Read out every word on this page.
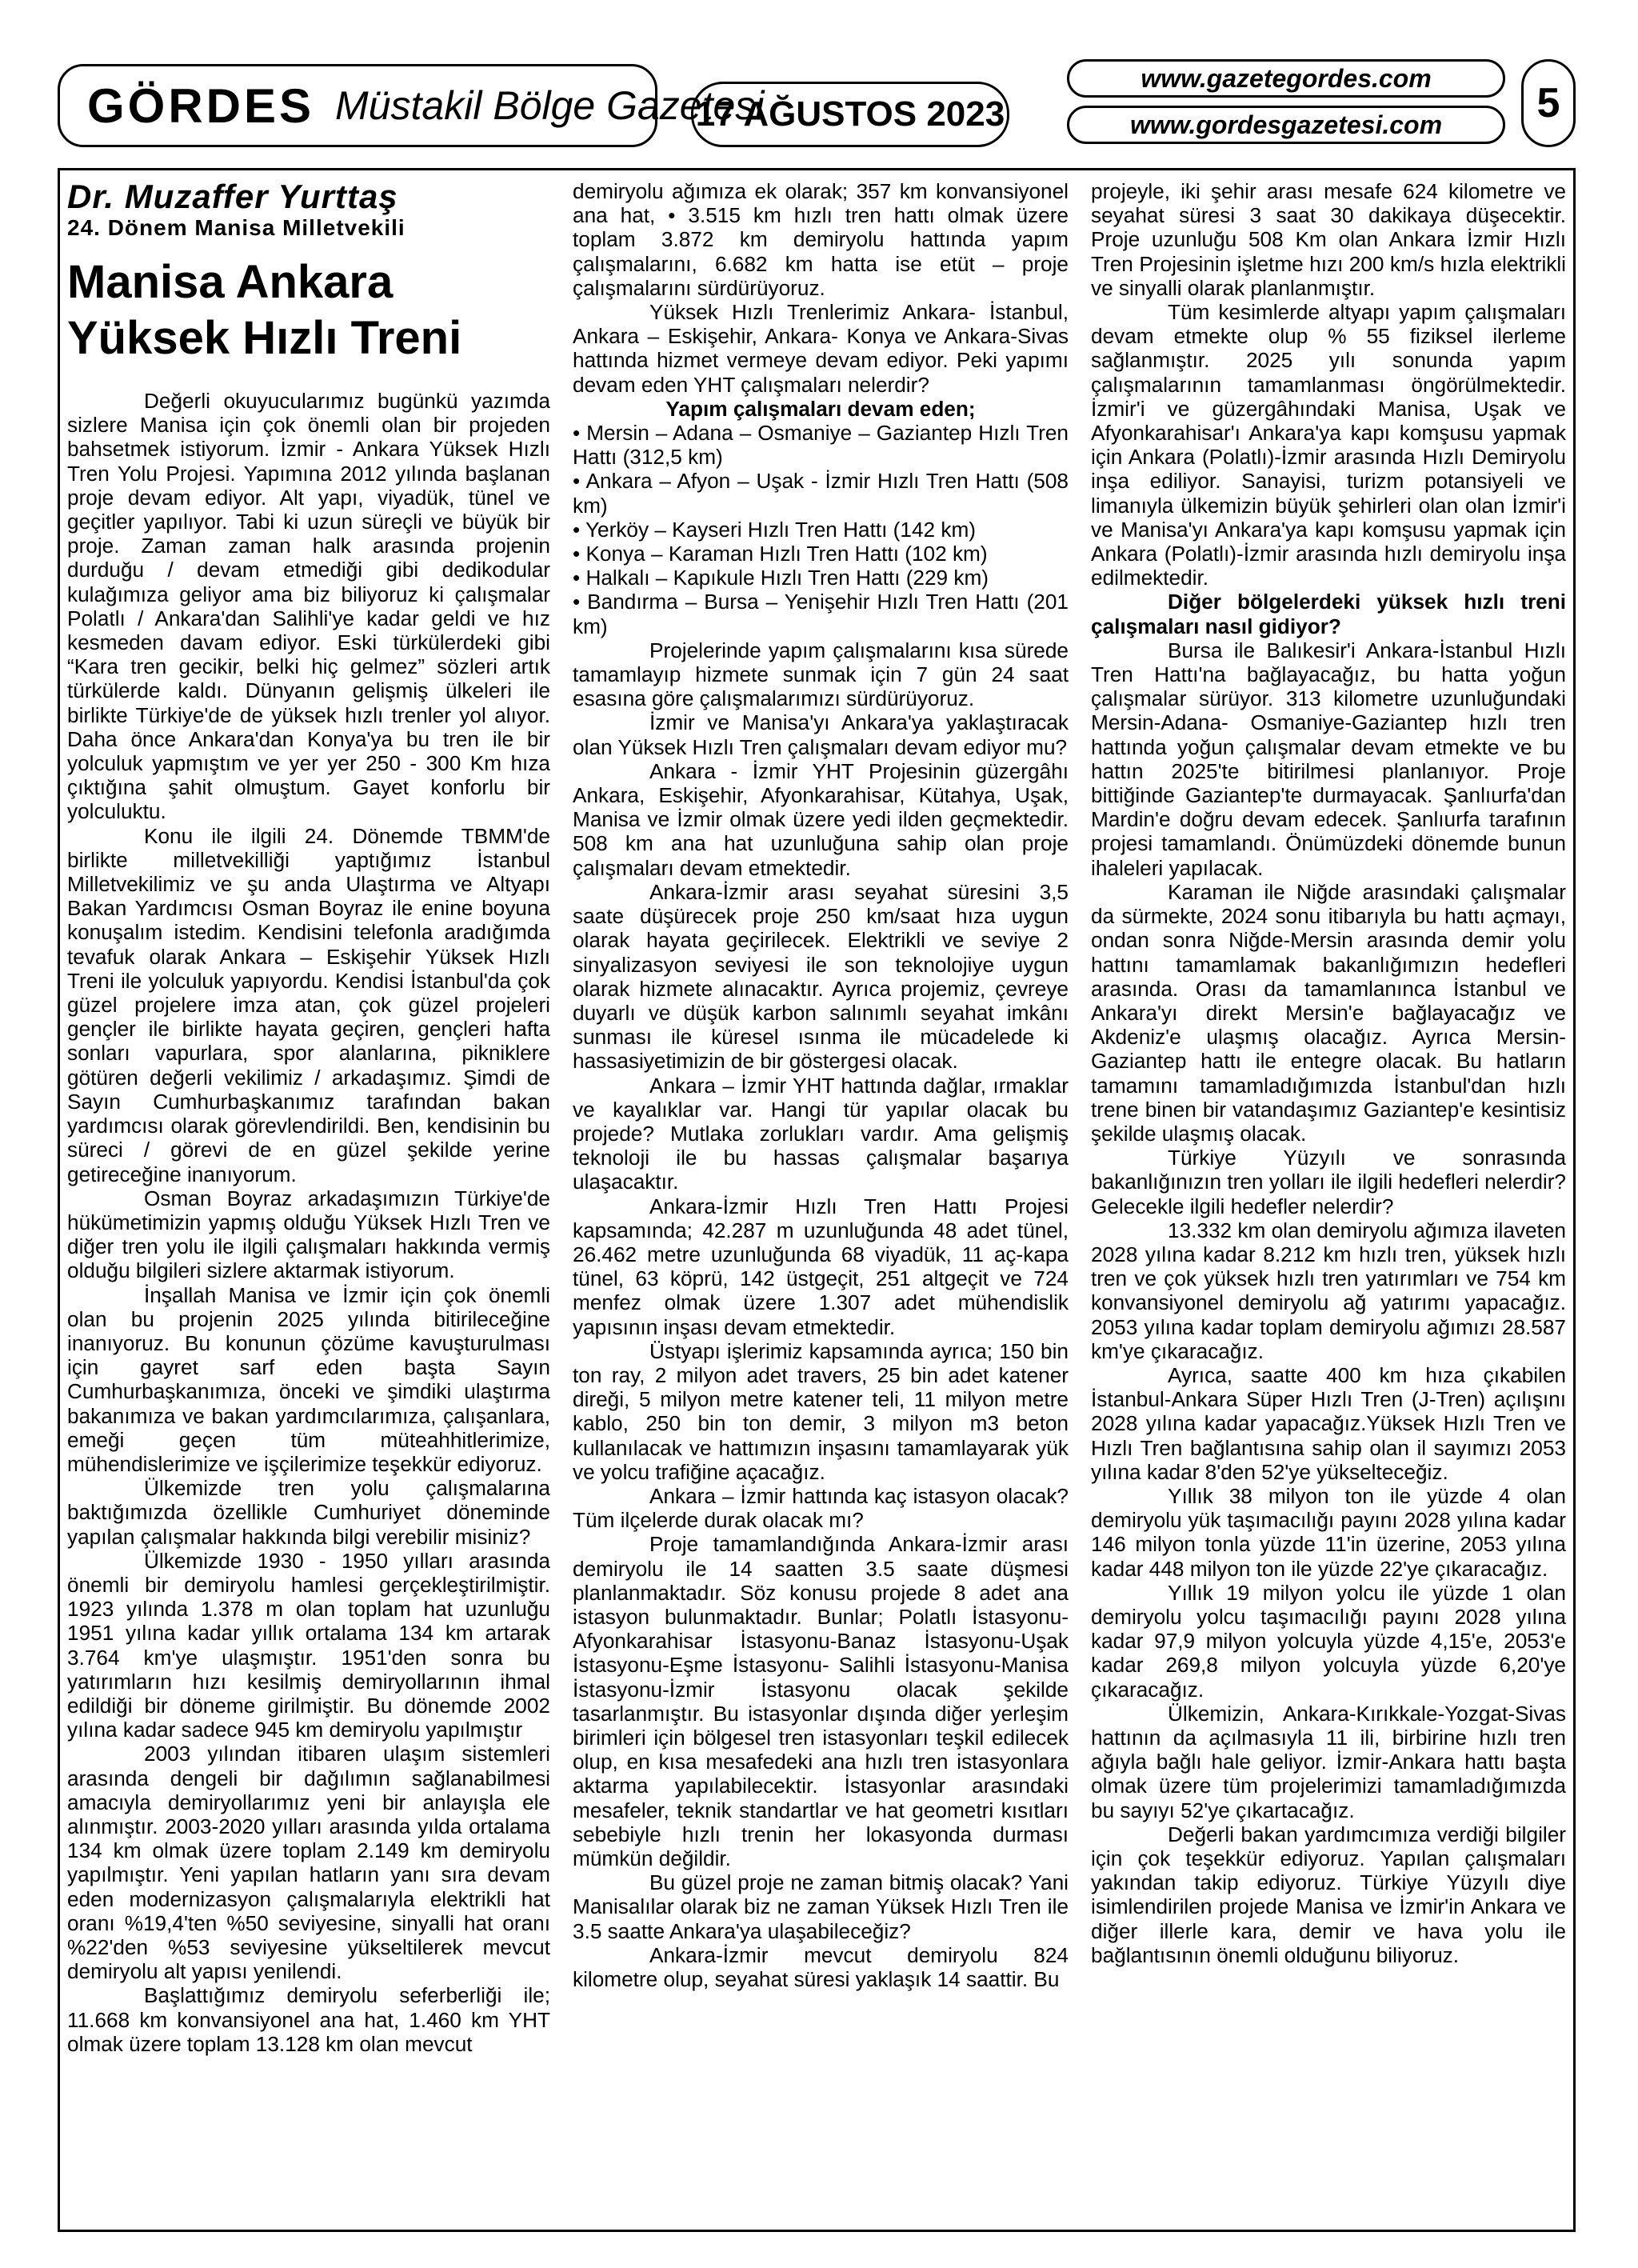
GÖRDES Müstakil Bölge Gazetesi
17 AĞUSTOS 2023
www.gazetegordes.com
www.gordesgazetesi.com	5

Dr. Muzaffer Yurttaş

24. Dönem Manisa Milletvekili

Manisa Ankara
Yüksek Hızlı Treni

Değerli okuyucularımız bugünkü yazımda sizlere Manisa için çok önemli olan bir projeden bahsetmek istiyorum. İzmir - Ankara Yüksek Hızlı Tren Yolu Projesi. Yapımına 2012 yılında başlanan proje devam ediyor. Alt yapı, viyadük, tünel ve geçitler yapılıyor. Tabi ki uzun süreçli ve büyük bir proje. Zaman zaman halk arasında projenin durduğu / devam etmediği gibi dedikodular kulağımıza geliyor ama biz biliyoruz ki çalışmalar Polatlı / Ankara'dan Salihli'ye kadar geldi ve hız kesmeden davam ediyor. Eski türkülerdeki gibi “Kara tren gecikir, belki hiç gelmez” sözleri artık türkülerde kaldı. Dünyanın gelişmiş ülkeleri ile birlikte Türkiye'de de yüksek hızlı trenler yol alıyor. Daha önce Ankara'dan Konya'ya bu tren ile bir yolculuk yapmıştım ve yer yer 250 - 300 Km hıza çıktığına şahit olmuştum. Gayet konforlu bir yolculuktu.

Konu ile ilgili 24. Dönemde TBMM'de birlikte milletvekilliği yaptığımız İstanbul Milletvekilimiz ve şu anda Ulaştırma ve Altyapı Bakan Yardımcısı Osman Boyraz ile enine boyuna konuşalım istedim. Kendisini telefonla aradığımda tevafuk olarak Ankara – Eskişehir Yüksek Hızlı Treni ile yolculuk yapıyordu. Kendisi İstanbul'da çok güzel projelere imza atan, çok güzel projeleri gençler ile birlikte hayata geçiren, gençleri hafta sonları vapurlara, spor alanlarına, pikniklere götüren değerli vekilimiz / arkadaşımız. Şimdi de Sayın Cumhurbaşkanımız tarafından bakan yardımcısı olarak görevlendirildi. Ben, kendisinin bu süreci / görevi de en güzel şekilde yerine getireceğine inanıyorum.

Osman Boyraz arkadaşımızın Türkiye'de hükümetimizin yapmış olduğu Yüksek Hızlı Tren ve diğer tren yolu ile ilgili çalışmaları hakkında vermiş olduğu bilgileri sizlere aktarmak istiyorum.

İnşallah Manisa ve İzmir için çok önemli olan bu projenin 2025 yılında bitirileceğine inanıyoruz. Bu konunun çözüme kavuşturulması için gayret sarf eden başta Sayın Cumhurbaşkanımıza, önceki ve şimdiki ulaştırma bakanımıza ve bakan yardımcılarımıza, çalışanlara, emeği geçen tüm müteahhitlerimize, mühendislerimize ve işçilerimize teşekkür ediyoruz.

Ülkemizde tren yolu çalışmalarına baktığımızda özellikle Cumhuriyet döneminde yapılan çalışmalar hakkında bilgi verebilir misiniz?

Ülkemizde 1930 - 1950 yılları arasında önemli bir demiryolu hamlesi gerçekleştirilmiştir. 1923 yılında 1.378 m olan toplam hat uzunluğu 1951 yılına kadar yıllık ortalama 134 km artarak 3.764 km'ye ulaşmıştır. 1951'den sonra bu yatırımların hızı kesilmiş demiryollarının ihmal edildiği bir döneme girilmiştir. Bu dönemde 2002 yılına kadar sadece 945 km demiryolu yapılmıştır

2003 yılından itibaren ulaşım sistemleri arasında dengeli bir dağılımın sağlanabilmesi amacıyla demiryollarımız yeni bir anlayışla ele alınmıştır. 2003-2020 yılları arasında yılda ortalama 134 km olmak üzere toplam 2.149 km demiryolu yapılmıştır. Yeni yapılan hatların yanı sıra devam eden modernizasyon çalışmalarıyla elektrikli hat oranı %19,4'ten %50 seviyesine, sinyalli hat oranı %22'den %53 seviyesine yükseltilerek mevcut demiryolu alt yapısı yenilendi.

Başlattığımız demiryolu seferberliği ile; 11.668 km konvansiyonel ana hat, 1.460 km YHT olmak üzere toplam 13.128 km olan mevcut

demiryolu ağımıza ek olarak; 357 km konvansiyonel ana hat, • 3.515 km hızlı tren hattı olmak üzere toplam 3.872 km demiryolu hattında yapım çalışmalarını, 6.682 km hatta ise etüt – proje çalışmalarını sürdürüyoruz.

Yüksek Hızlı Trenlerimiz Ankara- İstanbul, Ankara – Eskişehir, Ankara- Konya ve Ankara-Sivas hattında hizmet vermeye devam ediyor. Peki yapımı devam eden YHT çalışmaları nelerdir?

Yapım çalışmaları devam eden;

• Mersin – Adana – Osmaniye – Gaziantep Hızlı Tren Hattı (312,5 km)

• Ankara – Afyon – Uşak - İzmir Hızlı Tren Hattı (508 km)

• Yerköy – Kayseri Hızlı Tren Hattı (142 km)

• Konya – Karaman Hızlı Tren Hattı (102 km)

• Halkalı – Kapıkule Hızlı Tren Hattı (229 km)

• Bandırma – Bursa – Yenişehir Hızlı Tren Hattı (201 km)

Projelerinde yapım çalışmalarını kısa sürede tamamlayıp hizmete sunmak için 7 gün 24 saat esasına göre çalışmalarımızı sürdürüyoruz.

İzmir ve Manisa'yı Ankara'ya yaklaştıracak olan Yüksek Hızlı Tren çalışmaları devam ediyor mu?

Ankara - İzmir YHT Projesinin güzergâhı Ankara, Eskişehir, Afyonkarahisar, Kütahya, Uşak, Manisa ve İzmir olmak üzere yedi ilden geçmektedir. 508 km ana hat uzunluğuna sahip olan proje çalışmaları devam etmektedir.

Ankara-İzmir arası seyahat süresini 3,5 saate düşürecek proje 250 km/saat hıza uygun olarak hayata geçirilecek. Elektrikli ve seviye 2 sinyalizasyon seviyesi ile son teknolojiye uygun olarak hizmete alınacaktır. Ayrıca projemiz, çevreye duyarlı ve düşük karbon salınımlı seyahat imkânı sunması ile küresel ısınma ile mücadelede ki hassasiyetimizin de bir göstergesi olacak.

Ankara – İzmir YHT hattında dağlar, ırmaklar ve kayalıklar var. Hangi tür yapılar olacak bu projede? Mutlaka zorlukları vardır. Ama gelişmiş teknoloji ile bu hassas çalışmalar başarıya ulaşacaktır.

Ankara-İzmir Hızlı Tren Hattı Projesi kapsamında; 42.287 m uzunluğunda 48 adet tünel, 26.462 metre uzunluğunda 68 viyadük, 11 aç-kapa tünel, 63 köprü, 142 üstgeçit, 251 altgeçit ve 724 menfez olmak üzere 1.307 adet mühendislik yapısının inşası devam etmektedir.

Üstyapı işlerimiz kapsamında ayrıca; 150 bin ton ray, 2 milyon adet travers, 25 bin adet katener direği, 5 milyon metre katener teli, 11 milyon metre kablo, 250 bin ton demir, 3 milyon m3 beton kullanılacak ve hattımızın inşasını tamamlayarak yük ve yolcu trafiğine açacağız.

Ankara – İzmir hattında kaç istasyon olacak? Tüm ilçelerde durak olacak mı?

Proje tamamlandığında Ankara-İzmir arası demiryolu ile 14 saatten 3.5 saate düşmesi planlanmaktadır. Söz konusu projede 8 adet ana istasyon bulunmaktadır. Bunlar; Polatlı İstasyonu-Afyonkarahisar İstasyonu-Banaz İstasyonu-Uşak İstasyonu-Eşme İstasyonu- Salihli İstasyonu-Manisa İstasyonu-İzmir İstasyonu olacak şekilde tasarlanmıştır. Bu istasyonlar dışında diğer yerleşim birimleri için bölgesel tren istasyonları teşkil edilecek olup, en kısa mesafedeki ana hızlı tren istasyonlara aktarma yapılabilecektir. İstasyonlar arasındaki mesafeler, teknik standartlar ve hat geometri kısıtları sebebiyle hızlı trenin her lokasyonda durması mümkün değildir.

Bu güzel proje ne zaman bitmiş olacak? Yani Manisalılar olarak biz ne zaman Yüksek Hızlı Tren ile 3.5 saatte Ankara'ya ulaşabileceğiz?

Ankara-İzmir mevcut demiryolu 824 kilometre olup, seyahat süresi yaklaşık 14 saattir. Bu

projeyle, iki şehir arası mesafe 624 kilometre ve seyahat süresi 3 saat 30 dakikaya düşecektir. Proje uzunluğu 508 Km olan Ankara İzmir Hızlı Tren Projesinin işletme hızı 200 km/s hızla elektrikli ve sinyalli olarak planlanmıştır.

Tüm kesimlerde altyapı yapım çalışmaları devam etmekte olup % 55 fiziksel ilerleme sağlanmıştır. 2025 yılı sonunda yapım çalışmalarının tamamlanması öngörülmektedir. İzmir'i ve güzergâhındaki Manisa, Uşak ve Afyonkarahisar'ı Ankara'ya kapı komşusu yapmak için Ankara (Polatlı)-İzmir arasında Hızlı Demiryolu inşa ediliyor. Sanayisi, turizm potansiyeli ve limanıyla ülkemizin büyük şehirleri olan olan İzmir'i ve Manisa'yı Ankara'ya kapı komşusu yapmak için Ankara (Polatlı)-İzmir arasında hızlı demiryolu inşa edilmektedir.

Diğer bölgelerdeki yüksek hızlı treni çalışmaları nasıl gidiyor?

Bursa ile Balıkesir'i Ankara-İstanbul Hızlı Tren Hattı'na bağlayacağız, bu hatta yoğun çalışmalar sürüyor. 313 kilometre uzunluğundaki Mersin-Adana- Osmaniye-Gaziantep hızlı tren hattında yoğun çalışmalar devam etmekte ve bu hattın 2025'te bitirilmesi planlanıyor. Proje bittiğinde Gaziantep'te durmayacak. Şanlıurfa'dan Mardin'e doğru devam edecek. Şanlıurfa tarafının projesi tamamlandı. Önümüzdeki dönemde bunun ihaleleri yapılacak.

Karaman ile Niğde arasındaki çalışmalar da sürmekte, 2024 sonu itibarıyla bu hattı açmayı, ondan sonra Niğde-Mersin arasında demir yolu hattını tamamlamak bakanlığımızın hedefleri arasında. Orası da tamamlanınca İstanbul ve Ankara'yı direkt Mersin'e bağlayacağız ve Akdeniz'e ulaşmış olacağız. Ayrıca Mersin-Gaziantep hattı ile entegre olacak. Bu hatların tamamını tamamladığımızda İstanbul'dan hızlı trene binen bir vatandaşımız Gaziantep'e kesintisiz şekilde ulaşmış olacak.

Türkiye Yüzyılı ve sonrasında bakanlığınızın tren yolları ile ilgili hedefleri nelerdir? Gelecekle ilgili hedefler nelerdir?

13.332 km olan demiryolu ağımıza ilaveten 2028 yılına kadar 8.212 km hızlı tren, yüksek hızlı tren ve çok yüksek hızlı tren yatırımları ve 754 km konvansiyonel demiryolu ağ yatırımı yapacağız. 2053 yılına kadar toplam demiryolu ağımızı 28.587 km'ye çıkaracağız.

Ayrıca, saatte 400 km hıza çıkabilen İstanbul-Ankara Süper Hızlı Tren (J-Tren) açılışını 2028 yılına kadar yapacağız.Yüksek Hızlı Tren ve Hızlı Tren bağlantısına sahip olan il sayımızı 2053 yılına kadar 8'den 52'ye yükselteceğiz.

Yıllık 38 milyon ton ile yüzde 4 olan demiryolu yük taşımacılığı payını 2028 yılına kadar 146 milyon tonla yüzde 11'in üzerine, 2053 yılına kadar 448 milyon ton ile yüzde 22'ye çıkaracağız.

Yıllık 19 milyon yolcu ile yüzde 1 olan demiryolu yolcu taşımacılığı payını 2028 yılına kadar 97,9 milyon yolcuyla yüzde 4,15'e, 2053'e kadar 269,8 milyon yolcuyla yüzde 6,20'ye çıkaracağız.

Ülkemizin, Ankara-Kırıkkale-Yozgat-Sivas hattının da açılmasıyla 11 ili, birbirine hızlı tren ağıyla bağlı hale geliyor. İzmir-Ankara hattı başta olmak üzere tüm projelerimizi tamamladığımızda bu sayıyı 52'ye çıkartacağız.

Değerli bakan yardımcımıza verdiği bilgiler için çok teşekkür ediyoruz. Yapılan çalışmaları yakından takip ediyoruz. Türkiye Yüzyılı diye isimlendirilen projede Manisa ve İzmir'in Ankara ve diğer illerle kara, demir ve hava yolu ile bağlantısının önemli olduğunu biliyoruz.
